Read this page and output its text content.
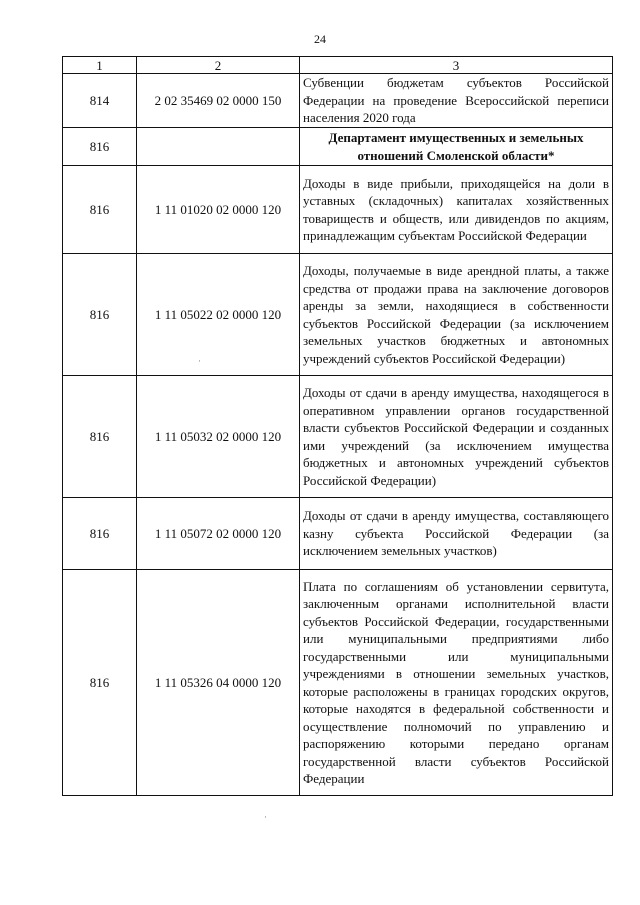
24
1	2	3
814	2 02 35469 02 0000 150	Субвенции бюджетам субъектов Российской Федерации на проведение Всероссийской переписи населения 2020 года
816		Департамент имущественных и земельных отношений Смоленской области*
816	1 11 01020 02 0000 120	Доходы в виде прибыли, приходящейся на доли в уставных (складочных) капиталах хозяйственных товариществ и обществ, или дивидендов по акциям, принадлежащим субъектам Российской Федерации
816	1 11 05022 02 0000 120	Доходы, получаемые в виде арендной платы, а также средства от продажи права на заключение договоров аренды за земли, находящиеся в собственности субъектов Российской Федерации (за исключением земельных участков бюджетных и автономных учреждений субъектов Российской Федерации)
816	1 11 05032 02 0000 120	Доходы от сдачи в аренду имущества, находящегося в оперативном управлении органов государственной власти субъектов Российской Федерации и созданных ими учреждений (за исключением имущества бюджетных и автономных учреждений субъектов Российской Федерации)
816	1 11 05072 02 0000 120	Доходы от сдачи в аренду имущества, составляющего казну субъекта Российской Федерации (за исключением земельных участков)
816	1 11 05326 04 0000 120	Плата по соглашениям об установлении сервитута, заключенным органами исполнительной власти субъектов Российской Федерации, государственными или муниципальными предприятиями либо государственными или муниципальными учреждениями в отношении земельных участков, которые расположены в границах городских округов, которые находятся в федеральной собственности и осуществление полномочий по управлению и распоряжению которыми передано органам государственной власти субъектов Российской Федерации
·
·
